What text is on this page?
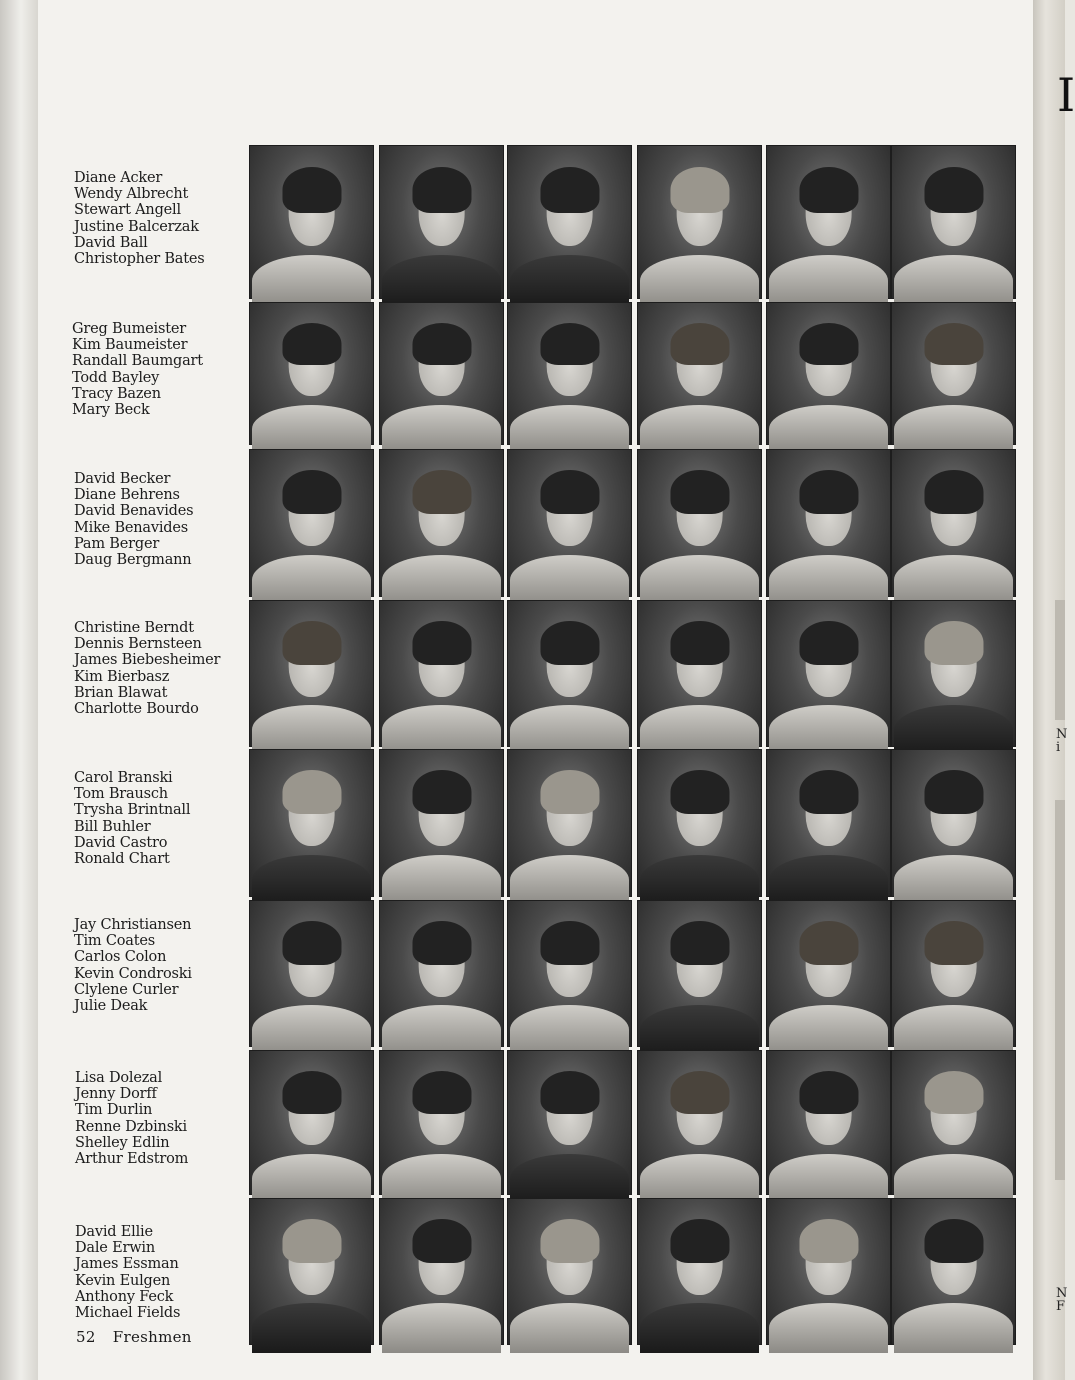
I
N
i
N
F
Diane Acker
Wendy Albrecht
Stewart Angell
Justine Balcerzak
David Ball
Christopher Bates
Greg Bumeister
Kim Baumeister
Randall Baumgart
Todd Bayley
Tracy Bazen
Mary Beck
David Becker
Diane Behrens
David Benavides
Mike Benavides
Pam Berger
Daug Bergmann
Christine Berndt
Dennis Bernsteen
James Biebesheimer
Kim Bierbasz
Brian Blawat
Charlotte Bourdo
Carol Branski
Tom Brausch
Trysha Brintnall
Bill Buhler
David Castro
Ronald Chart
Jay Christiansen
Tim Coates
Carlos Colon
Kevin Condroski
Clylene Curler
Julie Deak
Lisa Dolezal
Jenny Dorff
Tim Durlin
Renne Dzbinski
Shelley Edlin
Arthur Edstrom
David Ellie
Dale Erwin
James Essman
Kevin Eulgen
Anthony Feck
Michael Fields
52 Freshmen
